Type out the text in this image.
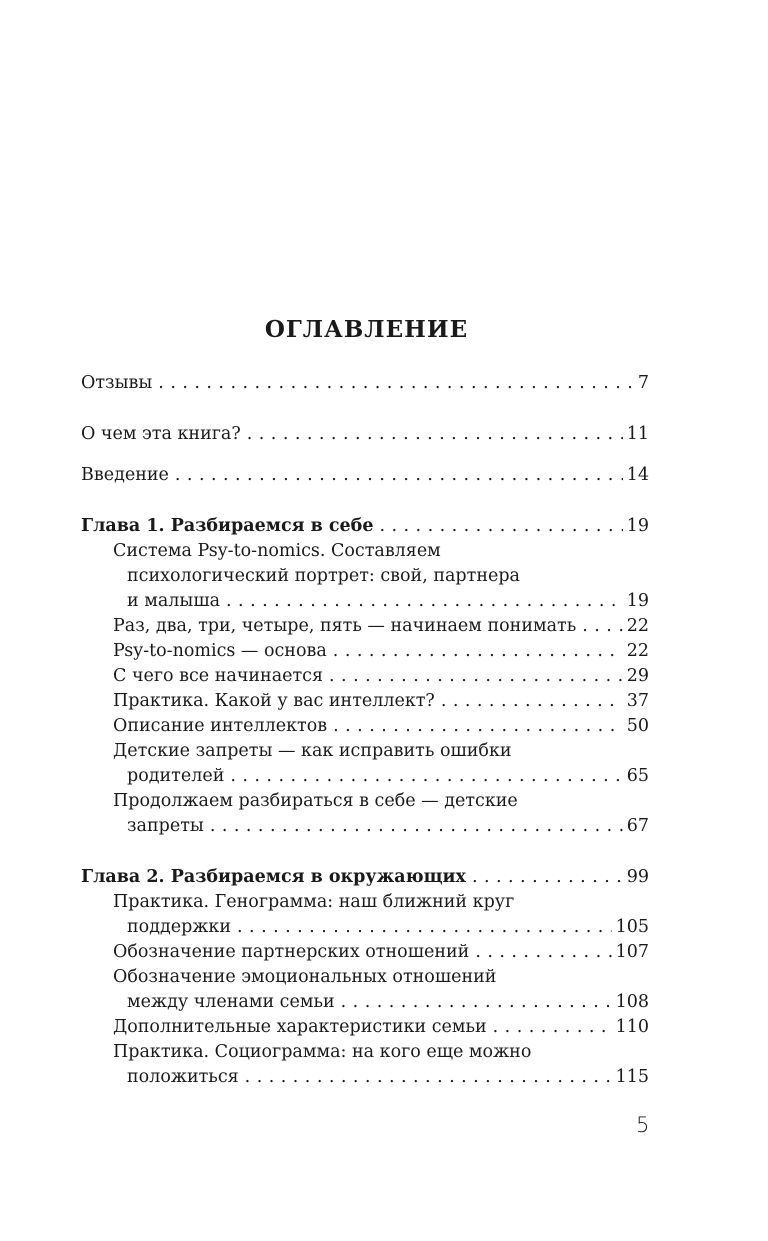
ОГЛАВЛЕНИЕ
Отзывы . . .	7
О чем эта книга? . . .	11
Введение . . .	14
Глава 1. Разбираемся в себе . . .	19
Система Psy-to-nomics. Составляем
психологический портрет: свой, партнера
и малыша . . .	19
Раз, два, три, четыре, пять — начинаем понимать . . .	22
Psy-to-nomics — основа . . .	22
С чего все начинается . . .	29
Практика. Какой у вас интеллект? . . .	37
Описание интеллектов . . .	50
Детские запреты — как исправить ошибки
родителей . . .	65
Продолжаем разбираться в себе — детские
запреты . . .	67
Глава 2. Разбираемся в окружающих . . .	99
Практика. Генограмма: наш ближний круг
поддержки . . .	105
Обозначение партнерских отношений . . .	107
Обозначение эмоциональных отношений
между членами семьи . . .	108
Дополнительные характеристики семьи . . .	110
Практика. Социограмма: на кого еще можно
положиться . . .	115
5
